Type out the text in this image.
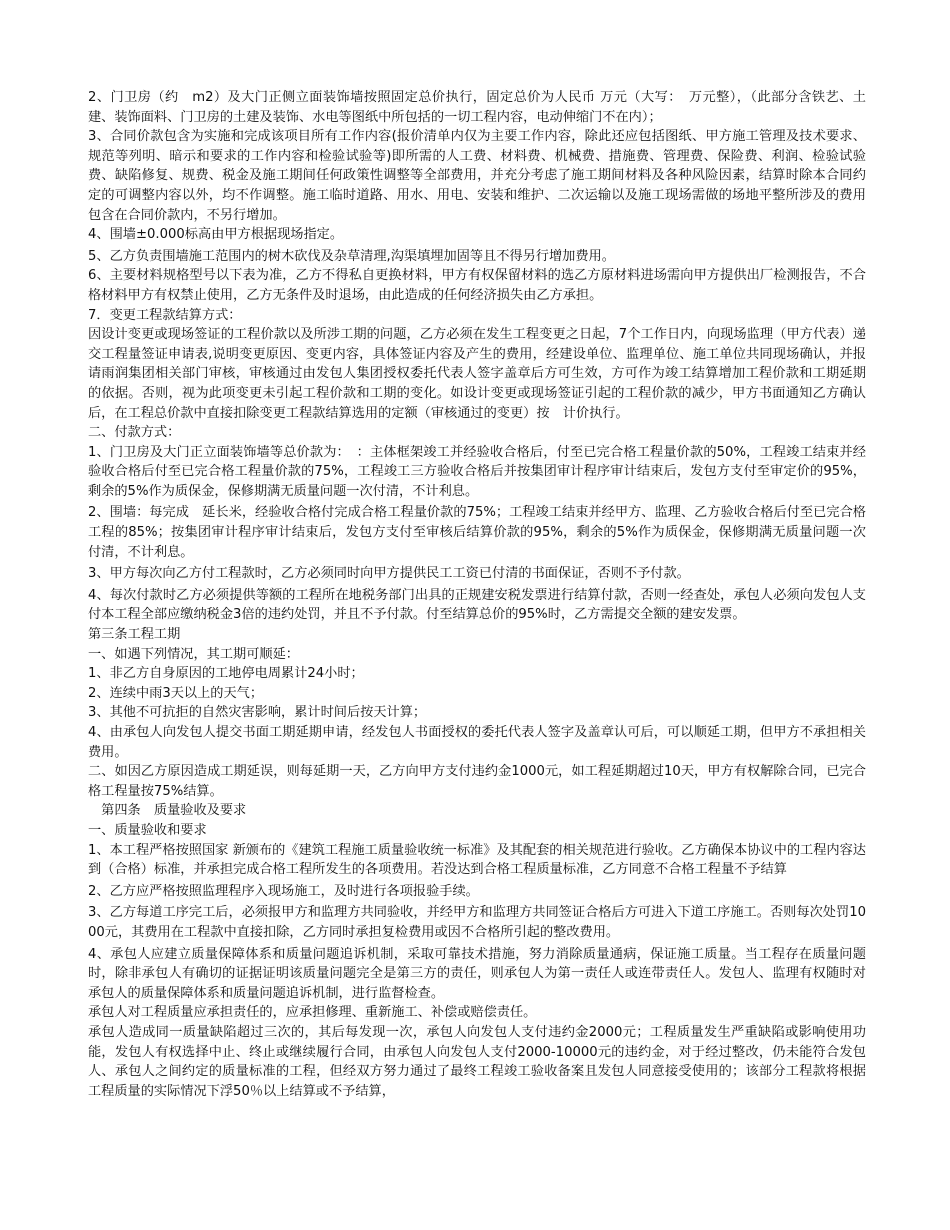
2、门卫房（约　m2）及大门正侧立面装饰墙按照固定总价执行，固定总价为人民币 万元（大写：　万元整），（此部分含铁艺、土建、装饰面料、门卫房的土建及装饰、水电等图纸中所包括的一切工程内容，电动伸缩门不在内）；

3、合同价款包含为实施和完成该项目所有工作内容(报价清单内仅为主要工作内容，除此还应包括图纸、甲方施工管理及技术要求、规范等列明、暗示和要求的工作内容和检验试验等)即所需的人工费、材料费、机械费、措施费、管理费、保险费、利润、检验试验费、缺陷修复、规费、税金及施工期间任何政策性调整等全部费用，并充分考虑了施工期间材料及各种风险因素，结算时除本合同约定的可调整内容以外，均不作调整。施工临时道路、用水、用电、安装和维护、二次运输以及施工现场需做的场地平整所涉及的费用包含在合同价款内，不另行增加。

4、围墙±0.000标高由甲方根据现场指定。

5、乙方负责围墙施工范围内的树木砍伐及杂草清理,沟渠填埋加固等且不得另行增加费用。

6、主要材料规格型号以下表为准，乙方不得私自更换材料，甲方有权保留材料的选乙方原材料进场需向甲方提供出厂检测报告，不合格材料甲方有权禁止使用，乙方无条件及时退场，由此造成的任何经济损失由乙方承担。

7．变更工程款结算方式：

因设计变更或现场签证的工程价款以及所涉工期的问题，乙方必须在发生工程变更之日起，7个工作日内，向现场监理（甲方代表）递交工程量签证申请表,说明变更原因、变更内容，具体签证内容及产生的费用，经建设单位、监理单位、施工单位共同现场确认，并报请雨润集团相关部门审核，审核通过由发包人集团授权委托代表人签字盖章后方可生效，方可作为竣工结算增加工程价款和工期延期的依据。否则，视为此项变更未引起工程价款和工期的变化。如设计变更或现场签证引起的工程价款的减少，甲方书面通知乙方确认后，在工程总价款中直接扣除变更工程款结算选用的定额（审核通过的变更）按　计价执行。

二、付款方式：

1、门卫房及大门正立面装饰墙等总价款为：　：主体框架竣工并经验收合格后，付至已完合格工程量价款的50%，工程竣工结束并经验收合格后付至已完合格工程量价款的75%，工程竣工三方验收合格后并按集团审计程序审计结束后，发包方支付至审定价的95%，剩余的5%作为质保金，保修期满无质量问题一次付清，不计利息。

2、围墙：每完成　延长米，经验收合格付完成合格工程量价款的75%；工程竣工结束并经甲方、监理、乙方验收合格后付至已完合格工程的85%；按集团审计程序审计结束后，发包方支付至审核后结算价款的95%，剩余的5%作为质保金，保修期满无质量问题一次付清，不计利息。

3、甲方每次向乙方付工程款时，乙方必须同时向甲方提供民工工资已付清的书面保证，否则不予付款。

4、每次付款时乙方必须提供等额的工程所在地税务部门出具的正规建安税发票进行结算付款，否则一经查处，承包人必须向发包人支付本工程全部应缴纳税金3倍的违约处罚，并且不予付款。付至结算总价的95%时，乙方需提交全额的建安发票。

第三条工程工期

一、如遇下列情况，其工期可顺延：

1、非乙方自身原因的工地停电周累计24小时；

2、连续中雨3天以上的天气；

3、其他不可抗拒的自然灾害影响，累计时间后按天计算；

4、由承包人向发包人提交书面工期延期申请，经发包人书面授权的委托代表人签字及盖章认可后，可以顺延工期，但甲方不承担相关费用。

二、如因乙方原因造成工期延误，则每延期一天，乙方向甲方支付违约金1000元，如工程延期超过10天，甲方有权解除合同，已完合格工程量按75%结算。

　第四条　质量验收及要求

一、质量验收和要求

1、本工程严格按照国家 新颁布的《建筑工程施工质量验收统一标准》及其配套的相关规范进行验收。乙方确保本协议中的工程内容达到（合格）标准，并承担完成合格工程所发生的各项费用。若没达到合格工程质量标准，乙方同意不合格工程量不予结算

2、乙方应严格按照监理程序入现场施工，及时进行各项报验手续。

3、乙方每道工序完工后，必须报甲方和监理方共同验收，并经甲方和监理方共同签证合格后方可进入下道工序施工。否则每次处罚1000元，其费用在工程款中直接扣除，乙方同时承担复检费用或因不合格所引起的整改费用。

4、承包人应建立质量保障体系和质量问题追诉机制，采取可靠技术措施，努力消除质量通病，保证施工质量。当工程存在质量问题时，除非承包人有确切的证据证明该质量问题完全是第三方的责任，则承包人为第一责任人或连带责任人。发包人、监理有权随时对承包人的质量保障体系和质量问题追诉机制，进行监督检查。

承包人对工程质量应承担责任的，应承担修理、重新施工、补偿或赔偿责任。

承包人造成同一质量缺陷超过三次的，其后每发现一次，承包人向发包人支付违约金2000元；工程质量发生严重缺陷或影响使用功能，发包人有权选择中止、终止或继续履行合同，由承包人向发包人支付2000-10000元的违约金，对于经过整改，仍未能符合发包人、承包人之间约定的质量标准的工程，但经双方努力通过了最终工程竣工验收备案且发包人同意接受使用的；该部分工程款将根据工程质量的实际情况下浮50％以上结算或不予结算，
